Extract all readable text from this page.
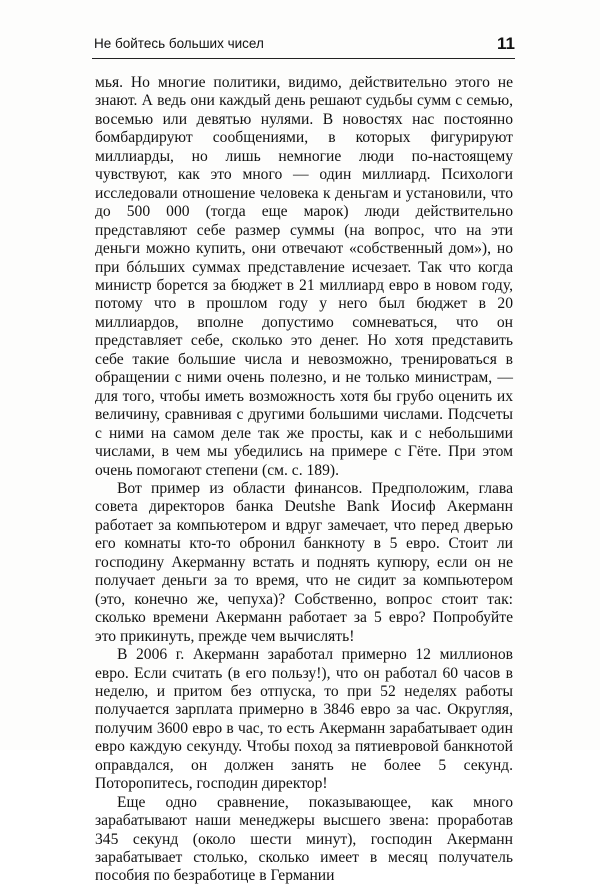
Не бойтесь больших чисел	11

мья. Но многие политики, видимо, действительно этого не знают. А ведь они каждый день решают судьбы сумм с семью, восемью или девятью нулями. В новостях нас постоянно бомбардируют сообщениями, в которых фигурируют миллиарды, но лишь немногие люди по-настоящему чувствуют, как это много — один миллиард. Психологи исследовали отношение человека к деньгам и установили, что до 500 000 (тогда еще марок) люди действительно представляют себе размер суммы (на вопрос, что на эти деньги можно купить, они отвечают «собственный дом»), но при бóльших суммах представление исчезает. Так что когда министр борется за бюджет в 21 миллиард евро в новом году, потому что в прошлом году у него был бюджет в 20 миллиардов, вполне допустимо сомневаться, что он представляет себе, сколько это денег. Но хотя представить себе такие большие числа и невозможно, тренироваться в обращении с ними очень полезно, и не только министрам, — для того, чтобы иметь возможность хотя бы грубо оценить их величину, сравнивая с другими большими числами. Подсчеты с ними на самом деле так же просты, как и с небольшими числами, в чем мы убедились на примере с Гёте. При этом очень помогают степени (см. с. 189).

Вот пример из области финансов. Предположим, глава совета директоров банка Deutshe Bank Иосиф Акерманн работает за компьютером и вдруг замечает, что перед дверью его комнаты кто-то обронил банкноту в 5 евро. Стоит ли господину Акерманну встать и поднять купюру, если он не получает деньги за то время, что не сидит за компьютером (это, конечно же, чепуха)? Собственно, вопрос стоит так: сколько времени Акерманн работает за 5 евро? Попробуйте это прикинуть, прежде чем вычислять!

В 2006 г. Акерманн заработал примерно 12 миллионов евро. Если считать (в его пользу!), что он работал 60 часов в неделю, и притом без отпуска, то при 52 неделях работы получается зарплата примерно в 3846 евро за час. Округляя, получим 3600 евро в час, то есть Акерманн зарабатывает один евро каждую секунду. Чтобы поход за пятиевровой банкнотой оправдался, он должен занять не более 5 секунд. Поторопитесь, господин директор!

Еще одно сравнение, показывающее, как много зарабатывают наши менеджеры высшего звена: проработав 345 секунд (около шести минут), господин Акерманн зарабатывает столько, сколько имеет в месяц получатель пособия по безработице в Германии
